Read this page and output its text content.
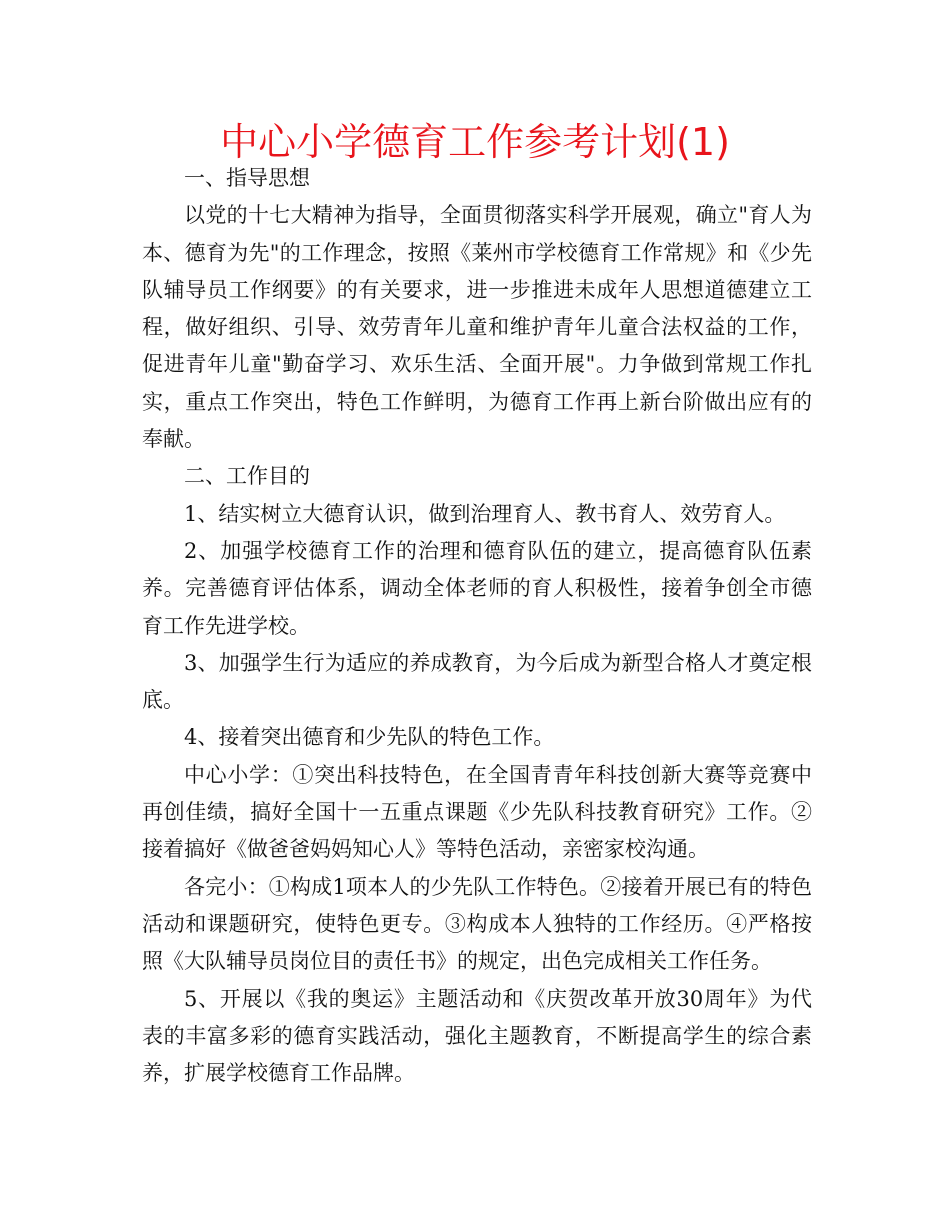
中心小学德育工作参考计划(1)

一、指导思想

以党的十七大精神为指导，全面贯彻落实科学开展观，确立"育人为本、德育为先"的工作理念，按照《莱州市学校德育工作常规》和《少先队辅导员工作纲要》的有关要求，进一步推进未成年人思想道德建立工程，做好组织、引导、效劳青年儿童和维护青年儿童合法权益的工作，促进青年儿童"勤奋学习、欢乐生活、全面开展"。力争做到常规工作扎实，重点工作突出，特色工作鲜明，为德育工作再上新台阶做出应有的奉献。

二、工作目的

1、结实树立大德育认识，做到治理育人、教书育人、效劳育人。

2、加强学校德育工作的治理和德育队伍的建立，提高德育队伍素养。完善德育评估体系，调动全体老师的育人积极性，接着争创全市德育工作先进学校。

3、加强学生行为适应的养成教育，为今后成为新型合格人才奠定根底。

4、接着突出德育和少先队的特色工作。

中心小学：①突出科技特色，在全国青青年科技创新大赛等竞赛中再创佳绩，搞好全国十一五重点课题《少先队科技教育研究》工作。②接着搞好《做爸爸妈妈知心人》等特色活动，亲密家校沟通。

各完小：①构成1项本人的少先队工作特色。②接着开展已有的特色活动和课题研究，使特色更专。③构成本人独特的工作经历。④严格按照《大队辅导员岗位目的责任书》的规定，出色完成相关工作任务。

5、开展以《我的奥运》主题活动和《庆贺改革开放30周年》为代表的丰富多彩的德育实践活动，强化主题教育，不断提高学生的综合素养，扩展学校德育工作品牌。
